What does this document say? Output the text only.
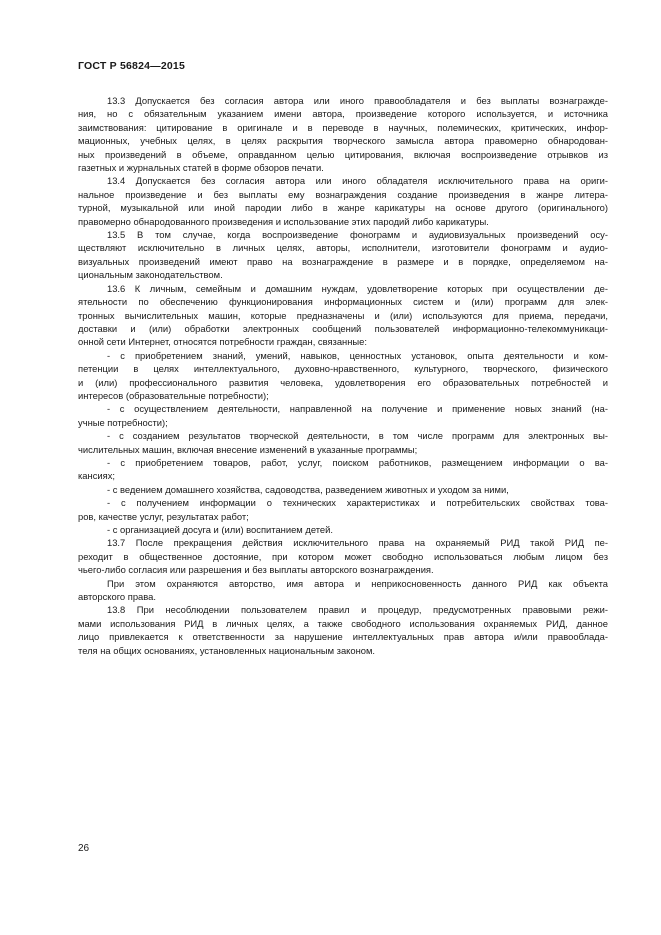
ГОСТ Р 56824—2015
13.3 Допускается без согласия автора или иного правообладателя и без выплаты вознагражде-
ния, но с обязательным указанием имени автора, произведение которого используется, и источника
заимствования: цитирование в оригинале и в переводе в научных, полемических, критических, инфор-
мационных, учебных целях, в целях раскрытия творческого замысла автора правомерно обнародован-
ных произведений в объеме, оправданном целью цитирования, включая воспроизведение отрывков из
газетных и журнальных статей в форме обзоров печати.
13.4 Допускается без согласия автора или иного обладателя исключительного права на ориги-
нальное произведение и без выплаты ему вознаграждения создание произведения в жанре литера-
турной, музыкальной или иной пародии либо в жанре карикатуры на основе другого (оригинального)
правомерно обнародованного произведения и использование этих пародий либо карикатуры.
13.5 В том случае, когда воспроизведение фонограмм и аудиовизуальных произведений осу-
ществляют исключительно в личных целях, авторы, исполнители, изготовители фонограмм и аудио-
визуальных произведений имеют право на вознаграждение в размере и в порядке, определяемом на-
циональным законодательством.
13.6 К личным, семейным и домашним нуждам, удовлетворение которых при осуществлении де-
ятельности по обеспечению функционирования информационных систем и (или) программ для элек-
тронных вычислительных машин, которые предназначены и (или) используются для приема, передачи,
доставки и (или) обработки электронных сообщений пользователей информационно-телекоммуникаци-
онной сети Интернет, относятся потребности граждан, связанные:
- с приобретением знаний, умений, навыков, ценностных установок, опыта деятельности и ком-
петенции в целях интеллектуального, духовно-нравственного, культурного, творческого, физического
и (или) профессионального развития человека, удовлетворения его образовательных потребностей и
интересов (образовательные потребности);
- с осуществлением деятельности, направленной на получение и применение новых знаний (на-
учные потребности);
- с созданием результатов творческой деятельности, в том числе программ для электронных вы-
числительных машин, включая внесение изменений в указанные программы;
- с приобретением товаров, работ, услуг, поиском работников, размещением информации о ва-
кансиях;
- с ведением домашнего хозяйства, садоводства, разведением животных и уходом за ними,
- с получением информации о технических характеристиках и потребительских свойствах това-
ров, качестве услуг, результатах работ;
- с организацией досуга и (или) воспитанием детей.
13.7 После прекращения действия исключительного права на охраняемый РИД такой РИД пе-
реходит в общественное достояние, при котором может свободно использоваться любым лицом без
чьего-либо согласия или разрешения и без выплаты авторского вознаграждения.
При этом охраняются авторство, имя автора и неприкосновенность данного РИД как объекта
авторского права.
13.8 При несоблюдении пользователем правил и процедур, предусмотренных правовыми режи-
мами использования РИД в личных целях, а также свободного использования охраняемых РИД, данное
лицо привлекается к ответственности за нарушение интеллектуальных прав автора и/или правооблада-
теля на общих основаниях, установленных национальным законом.
26
